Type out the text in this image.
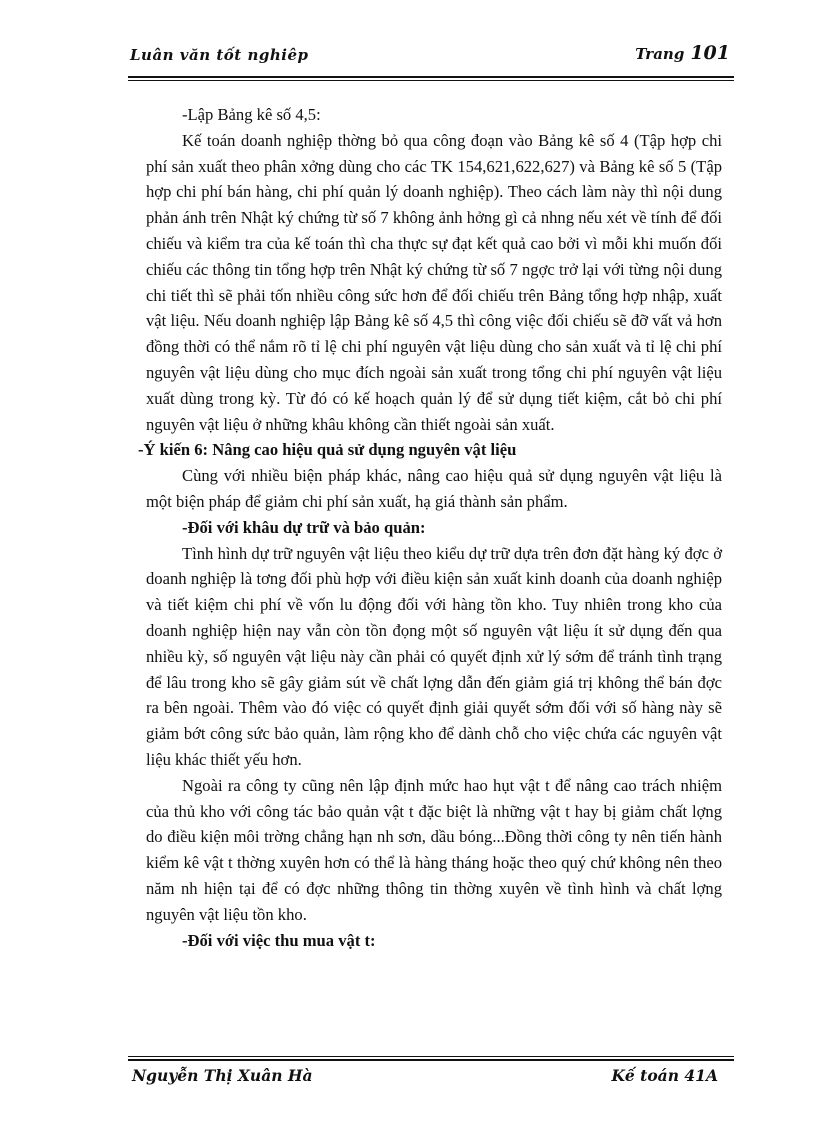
Luân văn tốt nghiêp	Trang 101

-Lập Bảng kê số 4,5:

Kế toán doanh nghiệp thờng bỏ qua công đoạn vào Bảng kê số 4 (Tập hợp chi phí sản xuất theo phân xởng dùng cho các TK 154,621,622,627) và Bảng kê số 5 (Tập hợp chi phí bán hàng, chi phí quản lý doanh nghiệp). Theo cách làm này thì nội dung phản ánh trên Nhật ký chứng từ số 7 không ảnh hởng gì cả nhng nếu xét về tính để đối chiếu và kiểm tra của kế toán thì cha thực sự đạt kết quả cao bởi vì mỗi khi muốn đối chiếu các thông tin tổng hợp trên Nhật ký chứng từ số 7 ngợc trở lại với từng nội dung chi tiết thì sẽ phải tốn nhiều công sức hơn để đối chiếu trên Bảng tổng hợp nhập, xuất vật liệu. Nếu doanh nghiệp lập Bảng kê số 4,5 thì công việc đối chiếu sẽ đỡ vất vả hơn đồng thời có thể nắm rõ tỉ lệ chi phí nguyên vật liệu dùng cho sản xuất và tỉ lệ chi phí nguyên vật liệu dùng cho mục đích ngoài sản xuất trong tổng chi phí nguyên vật liệu xuất dùng trong kỳ. Từ đó có kế hoạch quản lý để sử dụng tiết kiệm, cắt bỏ chi phí nguyên vật liệu ở những khâu không cần thiết ngoài sản xuất.

-Ý kiến 6: Nâng cao hiệu quả sử dụng nguyên vật liệu

Cùng với nhiều biện pháp khác, nâng cao hiệu quả sử dụng nguyên vật liệu là một biện pháp để giảm chi phí sản xuất, hạ giá thành sản phẩm.

-Đối với khâu dự trữ và bảo quản:

Tình hình dự trữ nguyên vật liệu theo kiểu dự trữ dựa trên đơn đặt hàng ký đợc ở doanh nghiệp là tơng đối phù hợp với điều kiện sản xuất kinh doanh của doanh nghiệp và tiết kiệm chi phí về vốn lu động đối với hàng tồn kho. Tuy nhiên trong kho của doanh nghiệp hiện nay vẫn còn tồn đọng một số nguyên vật liệu ít sử dụng đến qua nhiều kỳ, số nguyên vật liệu này cần phải có quyết định xử lý sớm để tránh tình trạng để lâu trong kho sẽ gây giảm sút về chất lợng dẫn đến giảm giá trị không thể bán đợc ra bên ngoài. Thêm vào đó việc có quyết định giải quyết sớm đối với số hàng này sẽ giảm bớt công sức bảo quản, làm rộng kho để dành chỗ cho việc chứa các nguyên vật liệu khác thiết yếu hơn.

Ngoài ra công ty cũng nên lập định mức hao hụt vật t để nâng cao trách nhiệm của thủ kho với công tác bảo quản vật t đặc biệt là những vật t hay bị giảm chất lợng do điều kiện môi trờng chẳng hạn nh sơn, dầu bóng...Đồng thời công ty nên tiến hành kiểm kê vật t thờng xuyên hơn có thể là hàng tháng hoặc theo quý chứ không nên theo năm nh hiện tại để có đợc những thông tin thờng xuyên về tình hình và chất lợng nguyên vật liệu tồn kho.

-Đối với việc thu mua vật t:

Nguyễn Thị Xuân Hà	Kế toán 41A
